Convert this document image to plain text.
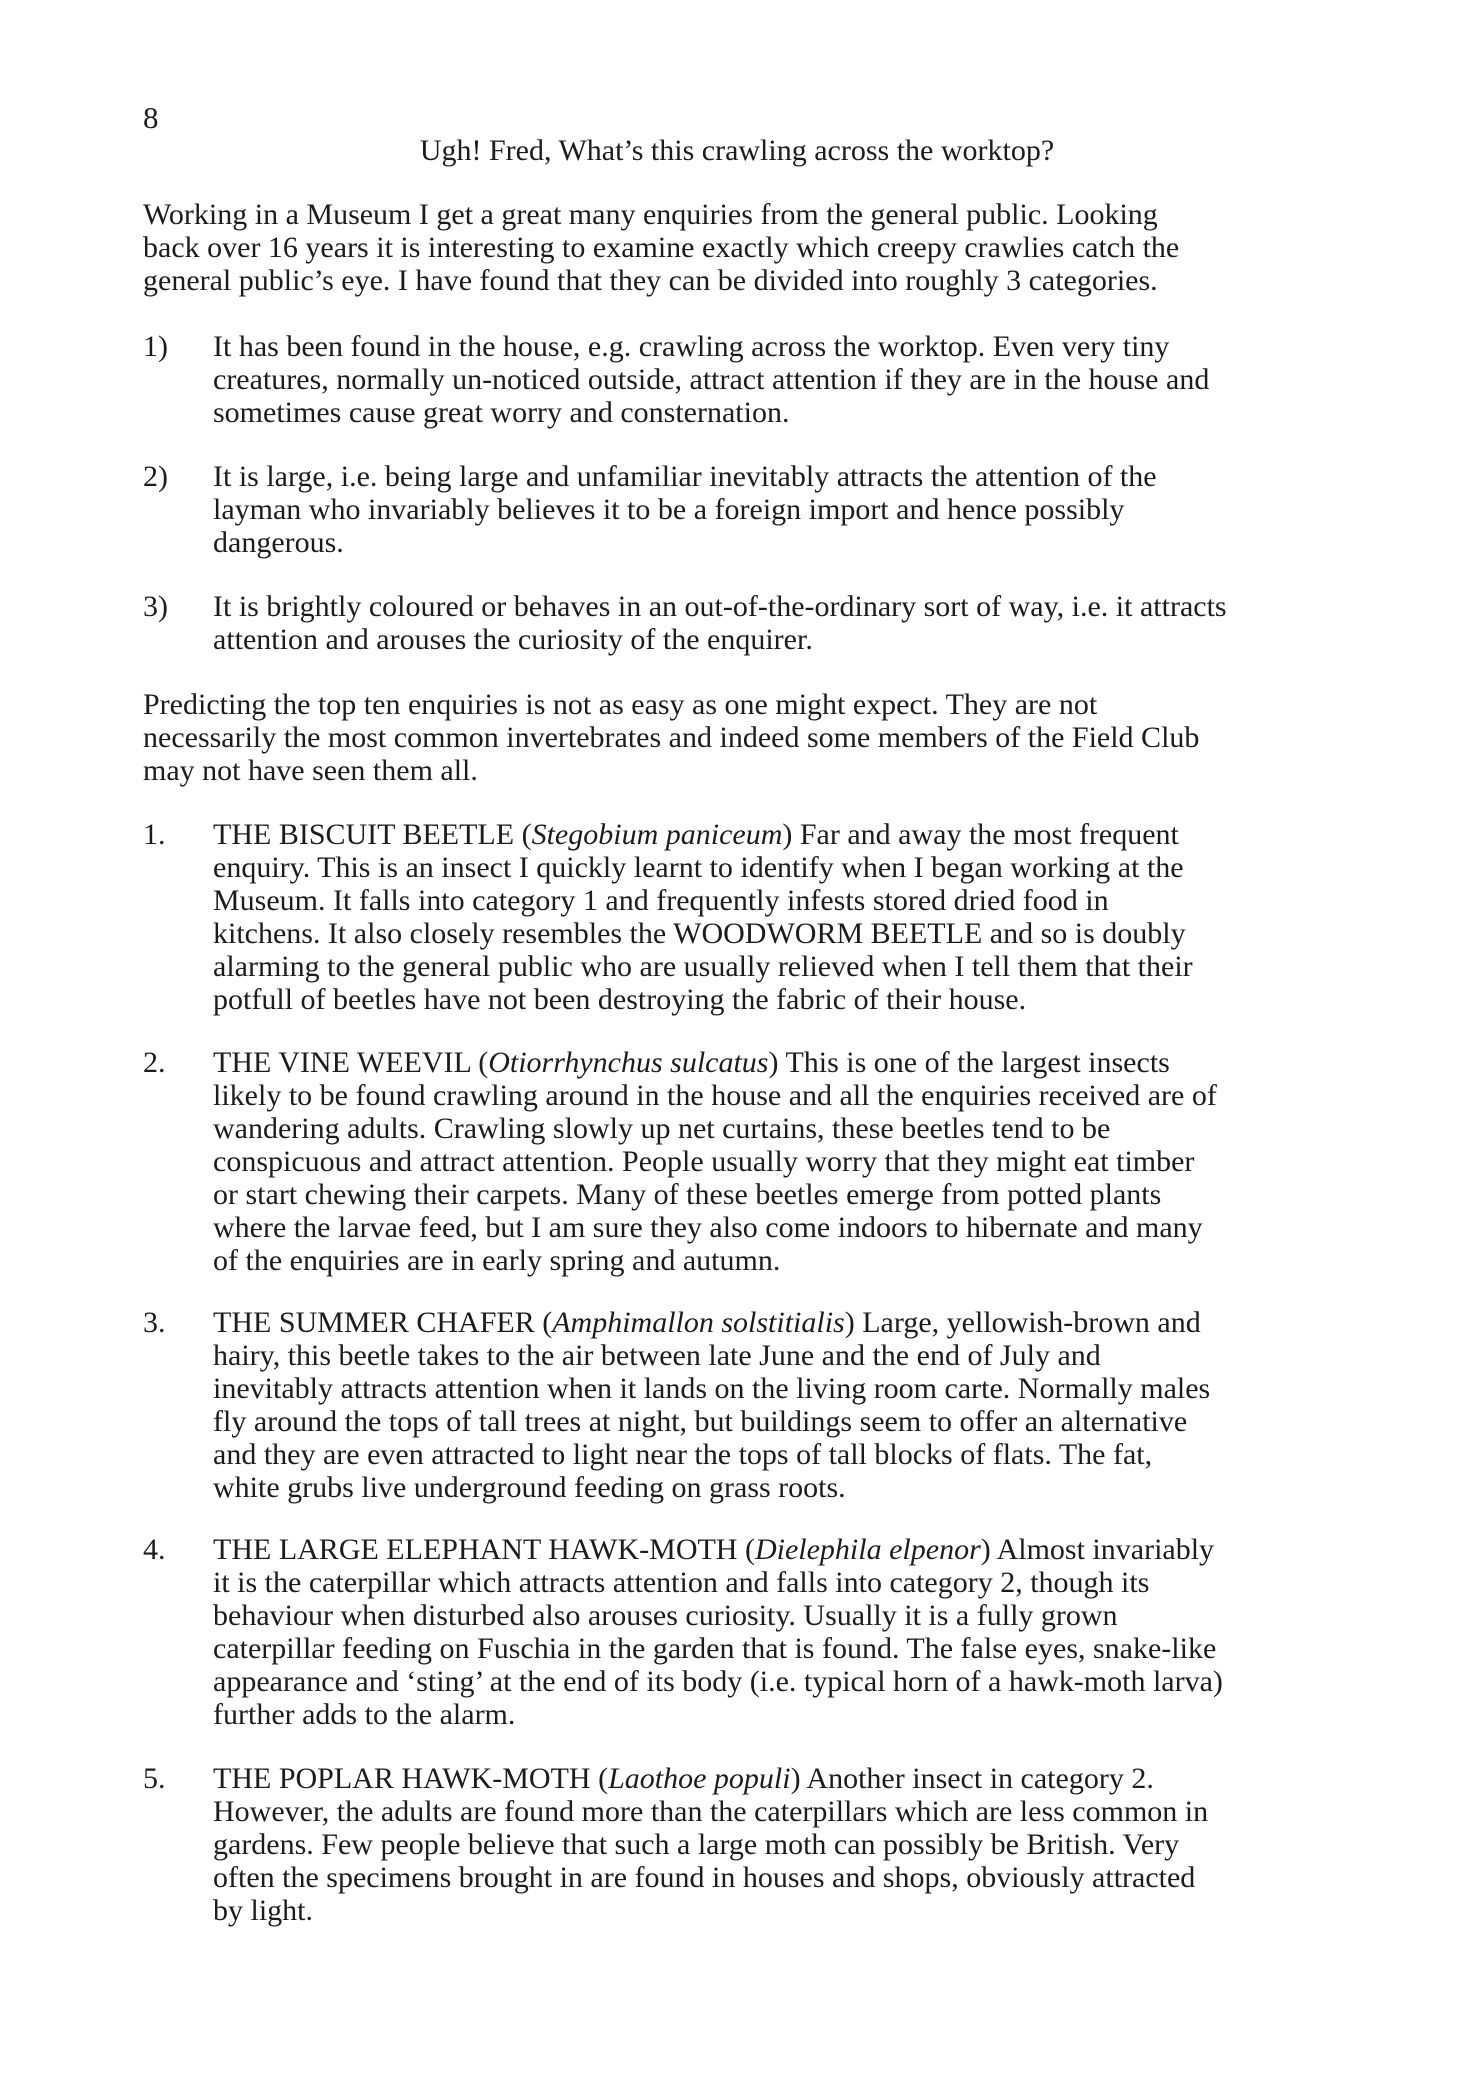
8
Ugh! Fred, What’s this crawling across the worktop?
Working in a Museum I get a great many enquiries from the general public. Looking
back over 16 years it is interesting to examine exactly which creepy crawlies catch the
general public’s eye. I have found that they can be divided into roughly 3 categories.
1) It has been found in the house, e.g. crawling across the worktop. Even very tiny
creatures, normally un-noticed outside, attract attention if they are in the house and
sometimes cause great worry and consternation.
2) It is large, i.e. being large and unfamiliar inevitably attracts the attention of the
layman who invariably believes it to be a foreign import and hence possibly
dangerous.
3) It is brightly coloured or behaves in an out-of-the-ordinary sort of way, i.e. it attracts
attention and arouses the curiosity of the enquirer.
Predicting the top ten enquiries is not as easy as one might expect. They are not
necessarily the most common invertebrates and indeed some members of the Field Club
may not have seen them all.
1. THE BISCUIT BEETLE (Stegobium paniceum) Far and away the most frequent
enquiry. This is an insect I quickly learnt to identify when I began working at the
Museum. It falls into category 1 and frequently infests stored dried food in
kitchens. It also closely resembles the WOODWORM BEETLE and so is doubly
alarming to the general public who are usually relieved when I tell them that their
potfull of beetles have not been destroying the fabric of their house.
2. THE VINE WEEVIL (Otiorrhynchus sulcatus) This is one of the largest insects
likely to be found crawling around in the house and all the enquiries received are of
wandering adults. Crawling slowly up net curtains, these beetles tend to be
conspicuous and attract attention. People usually worry that they might eat timber
or start chewing their carpets. Many of these beetles emerge from potted plants
where the larvae feed, but I am sure they also come indoors to hibernate and many
of the enquiries are in early spring and autumn.
3. THE SUMMER CHAFER (Amphimallon solstitialis) Large, yellowish-brown and
hairy, this beetle takes to the air between late June and the end of July and
inevitably attracts attention when it lands on the living room carte. Normally males
fly around the tops of tall trees at night, but buildings seem to offer an alternative
and they are even attracted to light near the tops of tall blocks of flats. The fat,
white grubs live underground feeding on grass roots.
4. THE LARGE ELEPHANT HAWK-MOTH (Dielephila elpenor) Almost invariably
it is the caterpillar which attracts attention and falls into category 2, though its
behaviour when disturbed also arouses curiosity. Usually it is a fully grown
caterpillar feeding on Fuschia in the garden that is found. The false eyes, snake-like
appearance and ‘sting’ at the end of its body (i.e. typical horn of a hawk-moth larva)
further adds to the alarm.
5. THE POPLAR HAWK-MOTH (Laothoe populi) Another insect in category 2.
However, the adults are found more than the caterpillars which are less common in
gardens. Few people believe that such a large moth can possibly be British. Very
often the specimens brought in are found in houses and shops, obviously attracted
by light.
